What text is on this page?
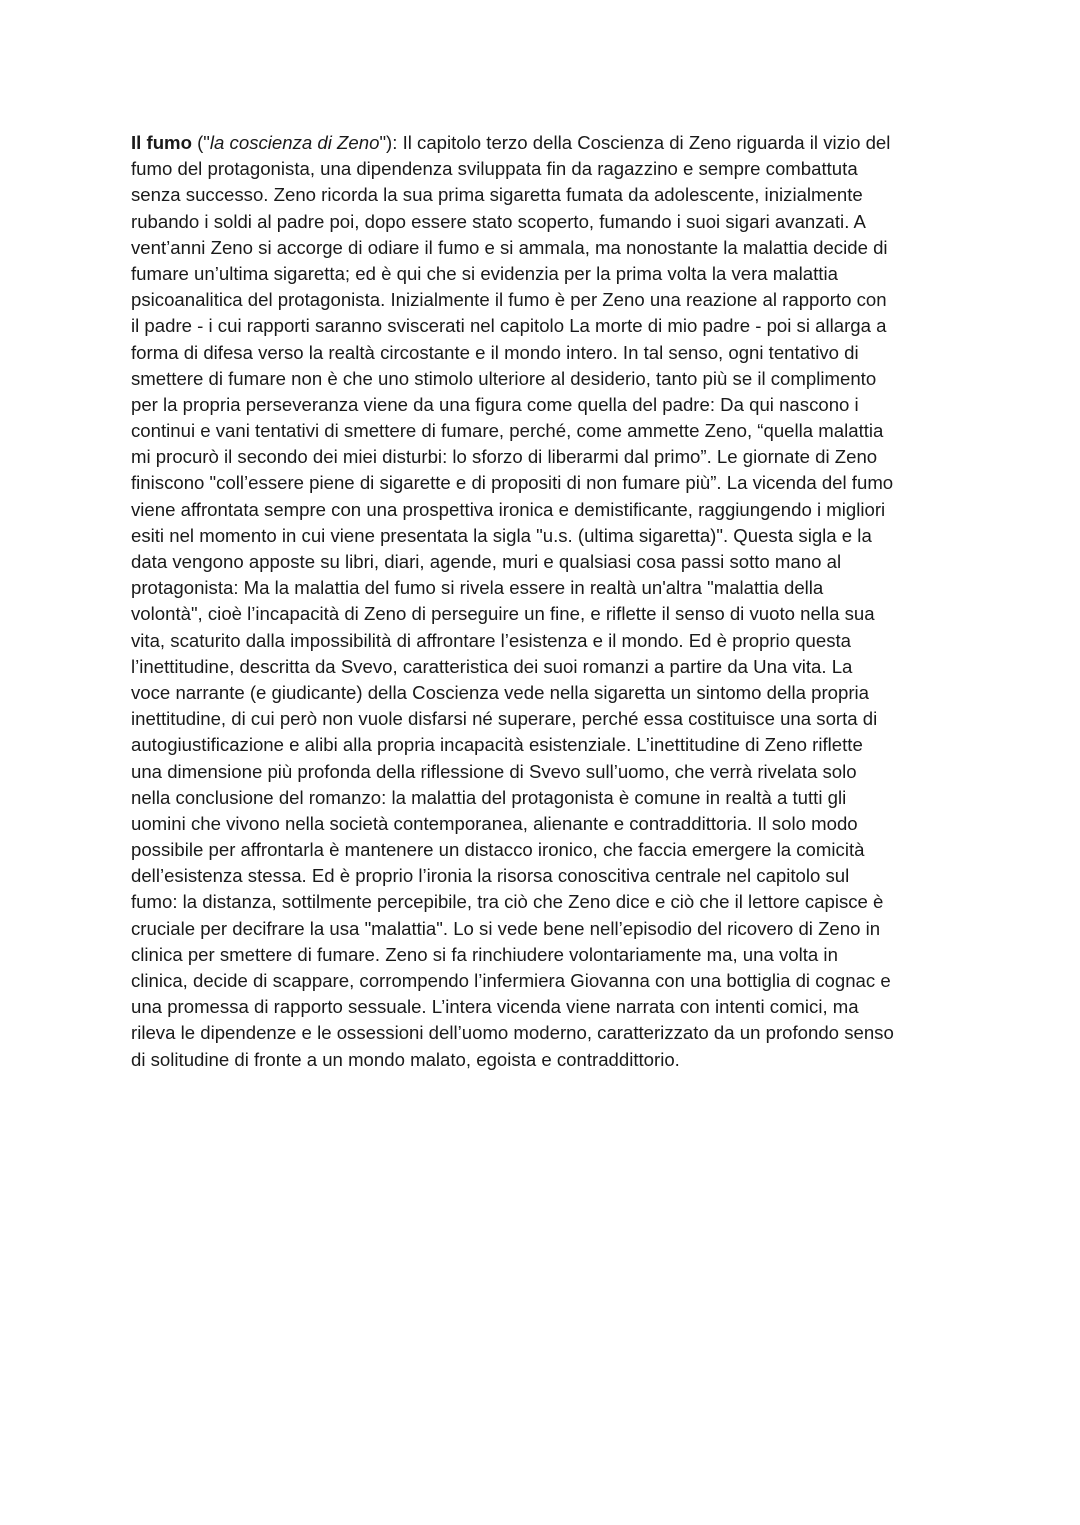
Il fumo ("la coscienza di Zeno"): Il capitolo terzo della Coscienza di Zeno riguarda il vizio del
fumo del protagonista, una dipendenza sviluppata fin da ragazzino e sempre combattuta
senza successo. Zeno ricorda la sua prima sigaretta fumata da adolescente, inizialmente
rubando i soldi al padre poi, dopo essere stato scoperto, fumando i suoi sigari avanzati. A
vent’anni Zeno si accorge di odiare il fumo e si ammala, ma nonostante la malattia decide di
fumare un’ultima sigaretta; ed è qui che si evidenzia per la prima volta la vera malattia
psicoanalitica del protagonista. Inizialmente il fumo è per Zeno una reazione al rapporto con
il padre - i cui rapporti saranno sviscerati nel capitolo La morte di mio padre - poi si allarga a
forma di difesa verso la realtà circostante e il mondo intero. In tal senso, ogni tentativo di
smettere di fumare non è che uno stimolo ulteriore al desiderio, tanto più se il complimento
per la propria perseveranza viene da una figura come quella del padre: Da qui nascono i
continui e vani tentativi di smettere di fumare, perché, come ammette Zeno, “quella malattia
mi procurò il secondo dei miei disturbi: lo sforzo di liberarmi dal primo”. Le giornate di Zeno
finiscono "coll’essere piene di sigarette e di propositi di non fumare più”. La vicenda del fumo
viene affrontata sempre con una prospettiva ironica e demistificante, raggiungendo i migliori
esiti nel momento in cui viene presentata la sigla "u.s. (ultima sigaretta)". Questa sigla e la
data vengono apposte su libri, diari, agende, muri e qualsiasi cosa passi sotto mano al
protagonista: Ma la malattia del fumo si rivela essere in realtà un'altra "malattia della
volontà", cioè l’incapacità di Zeno di perseguire un fine, e riflette il senso di vuoto nella sua
vita, scaturito dalla impossibilità di affrontare l’esistenza e il mondo. Ed è proprio questa
l’inettitudine, descritta da Svevo, caratteristica dei suoi romanzi a partire da Una vita. La
voce narrante (e giudicante) della Coscienza vede nella sigaretta un sintomo della propria
inettitudine, di cui però non vuole disfarsi né superare, perché essa costituisce una sorta di
autogiustificazione e alibi alla propria incapacità esistenziale. L’inettitudine di Zeno riflette
una dimensione più profonda della riflessione di Svevo sull’uomo, che verrà rivelata solo
nella conclusione del romanzo: la malattia del protagonista è comune in realtà a tutti gli
uomini che vivono nella società contemporanea, alienante e contraddittoria. Il solo modo
possibile per affrontarla è mantenere un distacco ironico, che faccia emergere la comicità
dell’esistenza stessa. Ed è proprio l’ironia la risorsa conoscitiva centrale nel capitolo sul
fumo: la distanza, sottilmente percepibile, tra ciò che Zeno dice e ciò che il lettore capisce è
cruciale per decifrare la usa "malattia". Lo si vede bene nell’episodio del ricovero di Zeno in
clinica per smettere di fumare. Zeno si fa rinchiudere volontariamente ma, una volta in
clinica, decide di scappare, corrompendo l’infermiera Giovanna con una bottiglia di cognac e
una promessa di rapporto sessuale. L’intera vicenda viene narrata con intenti comici, ma
rileva le dipendenze e le ossessioni dell’uomo moderno, caratterizzato da un profondo senso
di solitudine di fronte a un mondo malato, egoista e contraddittorio.
